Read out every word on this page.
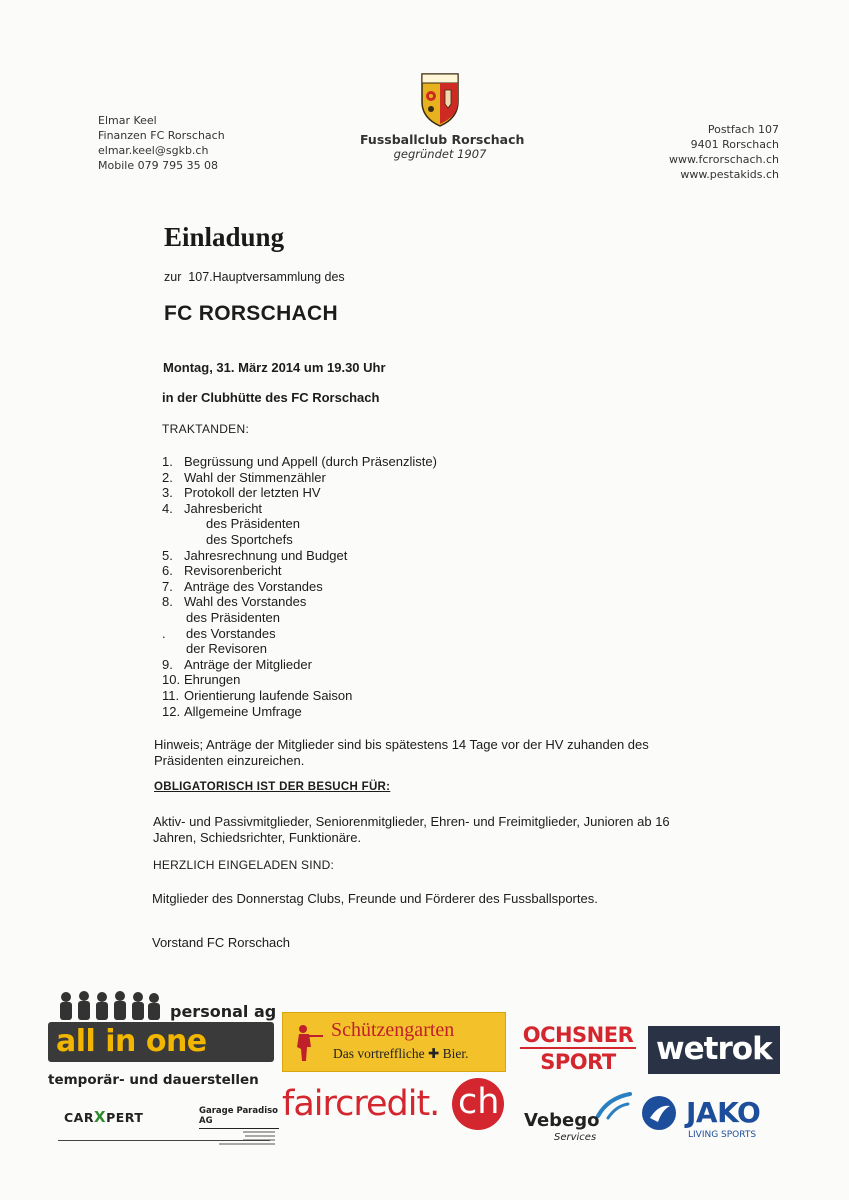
Elmar Keel
Finanzen FC Rorschach
elmar.keel@sgkb.ch
Mobile 079 795 35 08
Fussballclub Rorschach
gegründet 1907
Postfach 107
9401 Rorschach
www.fcrorschach.ch
www.pestakids.ch
Einladung
zur  107.Hauptversammlung des
FC RORSCHACH
Montag, 31. März 2014 um 19.30 Uhr
in der Clubhütte des FC Rorschach
TRAKTANDEN:
1. Begrüssung und Appell (durch Präsenzliste)
2. Wahl der Stimmenzähler
3. Protokoll der letzten HV
4. Jahresbericht
des Präsidenten
des Sportchefs
5. Jahresrechnung und Budget
6. Revisorenbericht
7. Anträge des Vorstandes
8. Wahl des Vorstandes
des Präsidenten
. des Vorstandes
der Revisoren
9. Anträge der Mitglieder
10. Ehrungen
11. Orientierung laufende Saison
12. Allgemeine Umfrage
Hinweis; Anträge der Mitglieder sind bis spätestens 14 Tage vor der HV zuhanden des Präsidenten einzureichen.
OBLIGATORISCH IST DER BESUCH FÜR:
Aktiv- und Passivmitglieder, Seniorenmitglieder, Ehren- und Freimitglieder, Junioren ab 16 Jahren, Schiedsrichter, Funktionäre.
HERZLICH EINGELADEN SIND:
Mitglieder des Donnerstag Clubs, Freunde und Förderer des Fussballsportes.
Vorstand FC Rorschach
personal ag
all in one
temporär- und dauerstellen
CARXPERT	Garage Paradiso AG
Schützengarten
Das vortreffliche ✚ Bier.
faircredit. ch
OCHSNER
SPORT	wetrok
Vebego
Services
JAKO
LIVING SPORTS
